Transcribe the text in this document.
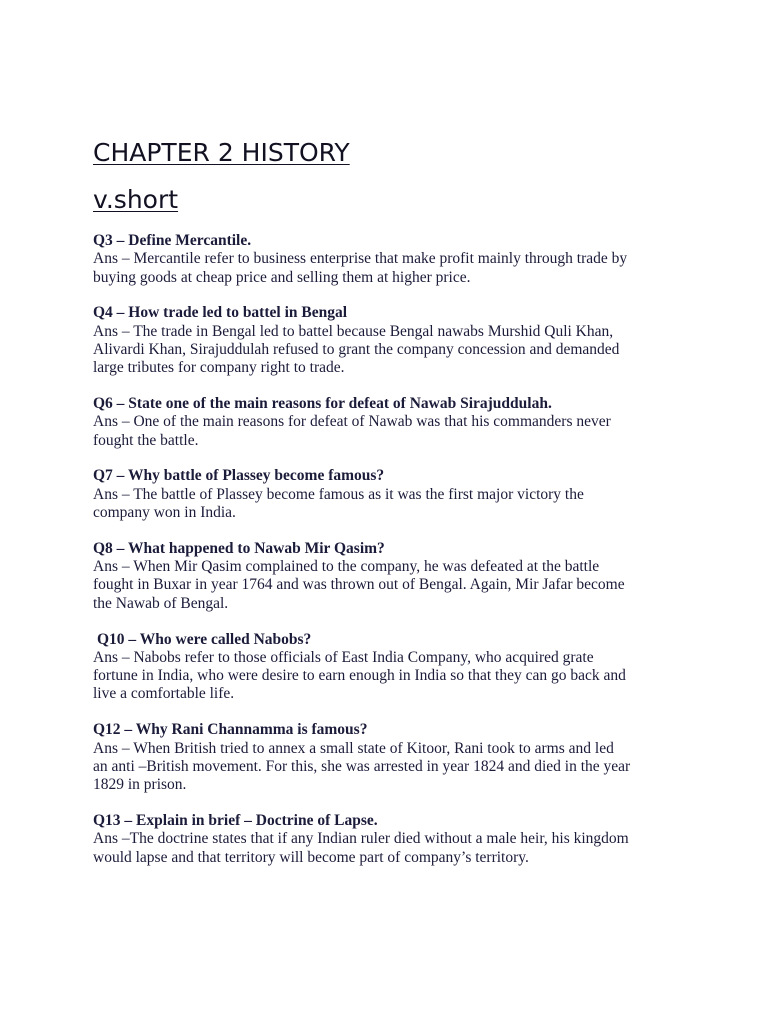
CHAPTER 2 HISTORY
v.short
Q3 – Define Mercantile.
Ans – Mercantile refer to business enterprise that make profit mainly through trade by
buying goods at cheap price and selling them at higher price.
Q4 – How trade led to battel in Bengal
Ans – The trade in Bengal led to battel because Bengal nawabs Murshid Quli Khan,
Alivardi Khan, Sirajuddulah refused to grant the company concession and demanded
large tributes for company right to trade.
Q6 – State one of the main reasons for defeat of Nawab Sirajuddulah.
Ans – One of the main reasons for defeat of Nawab was that his commanders never
fought the battle.
Q7 – Why battle of Plassey become famous?
Ans – The battle of Plassey become famous as it was the first major victory the
company won in India.
Q8 – What happened to Nawab Mir Qasim?
Ans – When Mir Qasim complained to the company, he was defeated at the battle
fought in Buxar in year 1764 and was thrown out of Bengal. Again, Mir Jafar become
the Nawab of Bengal.
Q10 – Who were called Nabobs?
Ans – Nabobs refer to those officials of East India Company, who acquired grate
fortune in India, who were desire to earn enough in India so that they can go back and
live a comfortable life.
Q12 – Why Rani Channamma is famous?
Ans – When British tried to annex a small state of Kitoor, Rani took to arms and led
an anti –British movement. For this, she was arrested in year 1824 and died in the year
1829 in prison.
Q13 – Explain in brief – Doctrine of Lapse.
Ans –The doctrine states that if any Indian ruler died without a male heir, his kingdom
would lapse and that territory will become part of company’s territory.
